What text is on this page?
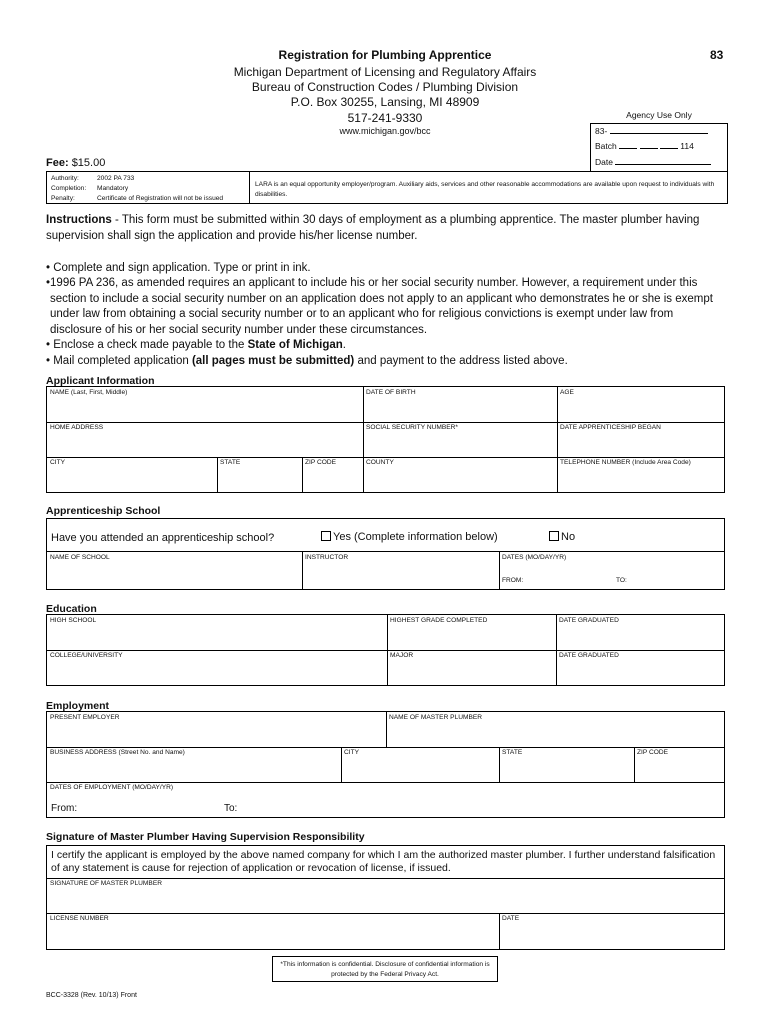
83
Registration for Plumbing Apprentice
Michigan Department of Licensing and Regulatory Affairs
Bureau of Construction Codes / Plumbing Division
P.O. Box 30255, Lansing, MI 48909
517-241-9330
www.michigan.gov/bcc
Agency Use Only
83-
Batch	114
Date
Fee: $15.00
Authority:	2002 PA 733
Completion: Mandatory
Penalty:	Certificate of Registration will not be issued
LARA is an equal opportunity employer/program. Auxiliary aids, services and other reasonable accommodations are available upon request to individuals with disabilities.
Instructions - This form must be submitted within 30 days of employment as a plumbing apprentice. The master plumber having supervision shall sign the application and provide his/her license number.
• Complete and sign application. Type or print in ink.
•1996 PA 236, as amended requires an applicant to include his or her social security number. However, a requirement under this section to include a social security number on an application does not apply to an applicant who demonstrates he or she is exempt under law from obtaining a social security number or to an applicant who for religious convictions is exempt under law from disclosure of his or her social security number under these circumstances.
• Enclose a check made payable to the State of Michigan.
• Mail completed application (all pages must be submitted) and payment to the address listed above.
Applicant Information
NAME (Last, First, Middle)	DATE OF BIRTH	AGE
HOME ADDRESS	SOCIAL SECURITY NUMBER*	DATE APPRENTICESHIP BEGAN
CITY	STATE	ZIP CODE	COUNTY	TELEPHONE NUMBER (Include Area Code)
Apprenticeship School
Have you attended an apprenticeship school?	Yes (Complete information below)	No
NAME OF SCHOOL	INSTRUCTOR	DATES (MO/DAY/YR)
FROM:	TO:
Education
HIGH SCHOOL	HIGHEST GRADE COMPLETED	DATE GRADUATED
COLLEGE/UNIVERSITY	MAJOR	DATE GRADUATED
Employment
PRESENT EMPLOYER	NAME OF MASTER PLUMBER
BUSINESS ADDRESS (Street No. and Name)	CITY	STATE	ZIP CODE
DATES OF EMPLOYMENT (MO/DAY/YR)
From:	To:
Signature of Master Plumber Having Supervision Responsibility
I certify the applicant is employed by the above named company for which I am the authorized master plumber. I further understand falsification of any statement is cause for rejection of application or revocation of license, if issued.
SIGNATURE OF MASTER PLUMBER
LICENSE NUMBER	DATE
*This information is confidential. Disclosure of confidential information is protected by the Federal Privacy Act.
BCC-3328 (Rev. 10/13) Front
